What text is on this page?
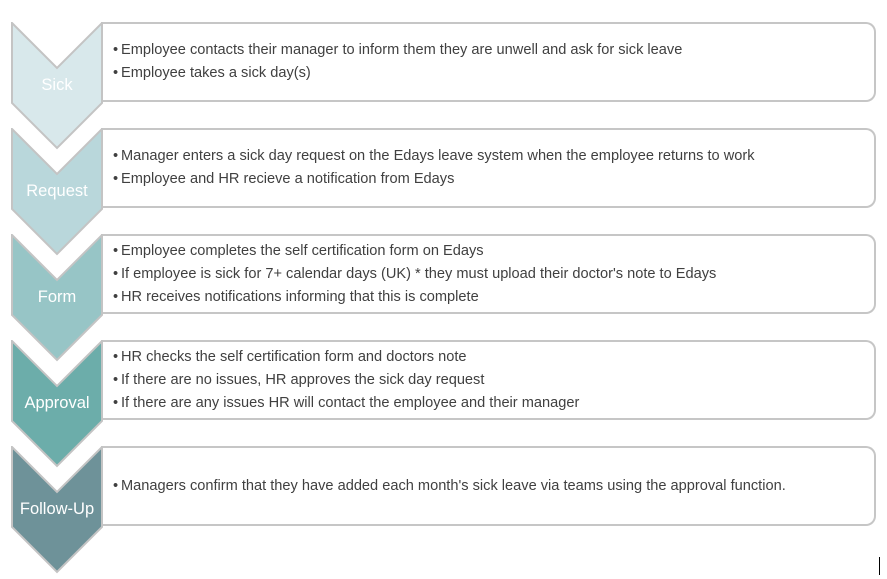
• Employee contacts their manager to inform them they are unwell and ask for sick leave
• Employee takes a sick day(s)
Sick
• Manager enters a sick day request on the Edays leave system when the employee returns to work
• Employee and HR recieve a notification from Edays
Request
• Employee completes the self certification form on Edays
• If employee is sick for 7+ calendar days (UK) * they must upload their doctor's note to Edays
• HR receives notifications informing that this is complete
Form
• HR checks the self certification form and doctors note
• If there are no issues, HR approves the sick day request
• If there are any issues HR will contact the employee and their manager
Approval
• Managers confirm that they have added each month's sick leave via teams using the approval function.
Follow-Up
